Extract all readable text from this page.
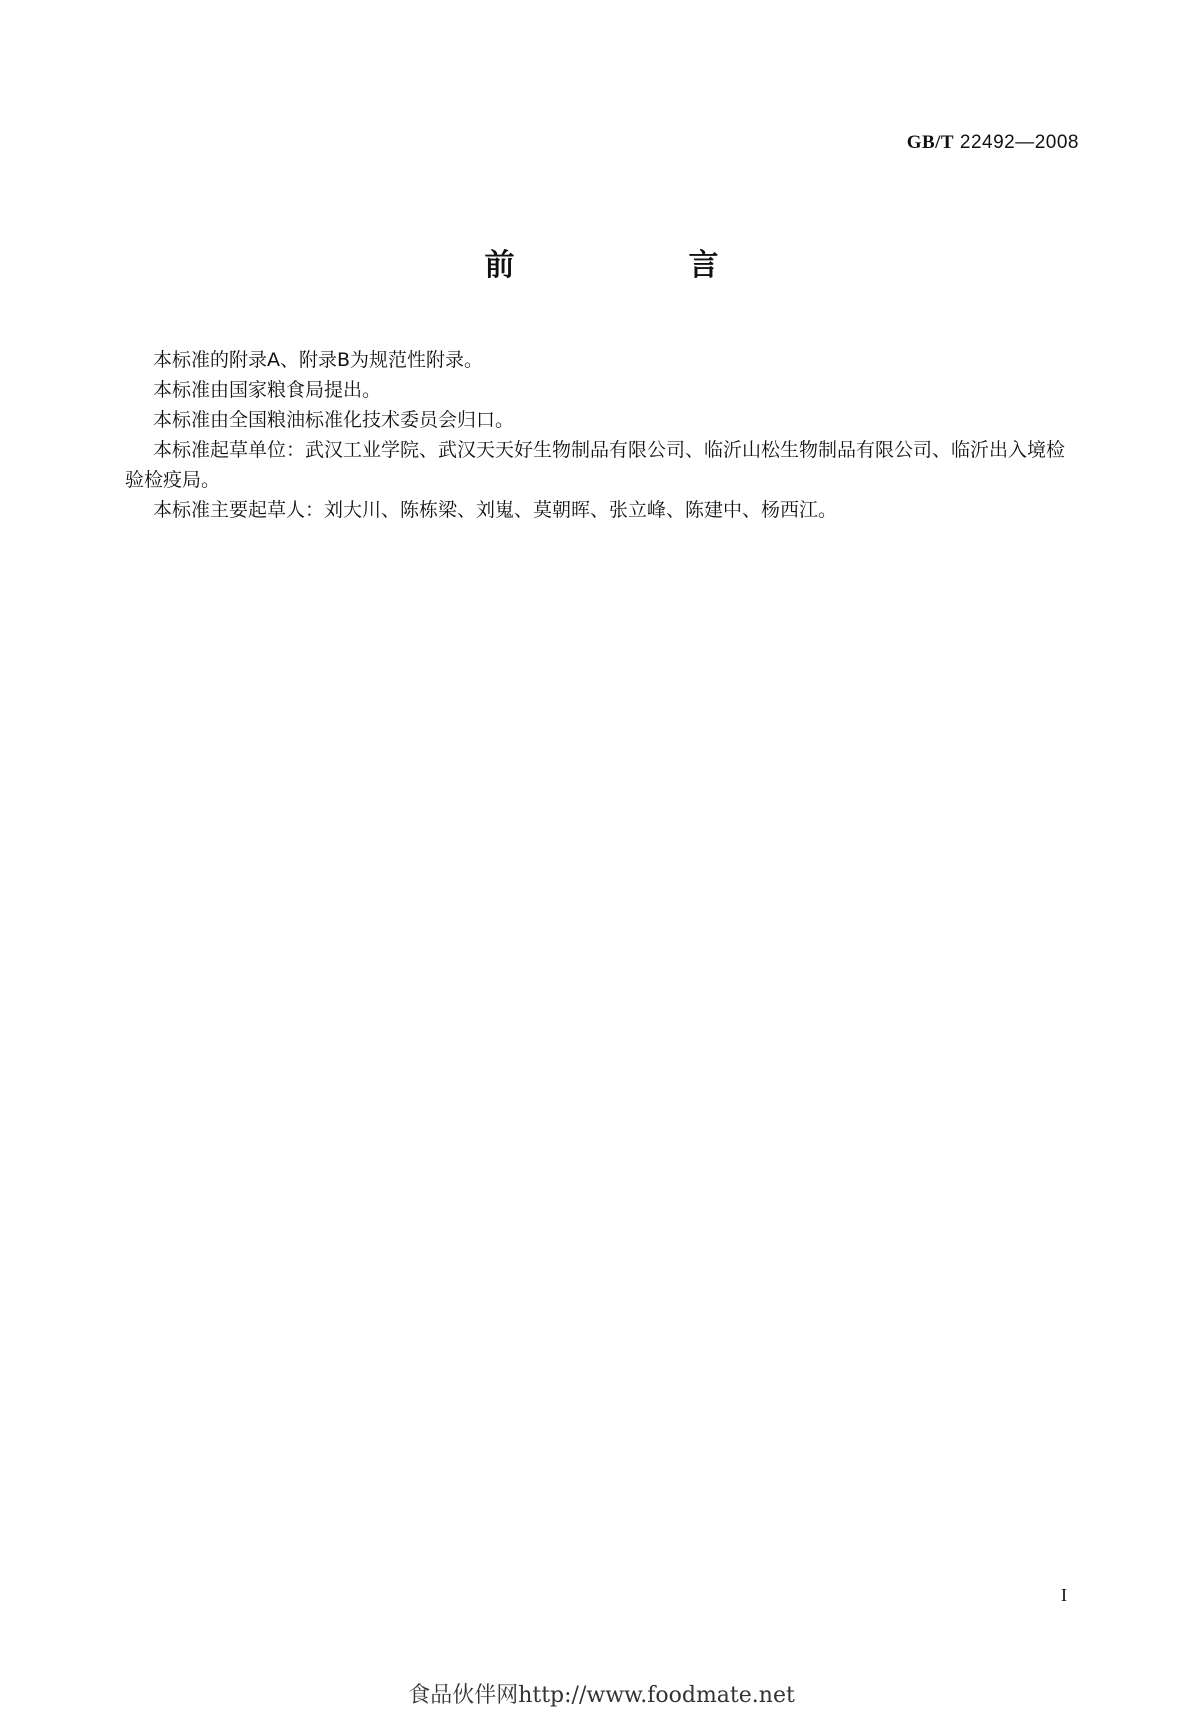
GB/T 22492—2008
前　言

本标准的附录A、附录B为规范性附录。

本标准由国家粮食局提出。

本标准由全国粮油标准化技术委员会归口。

本标准起草单位：武汉工业学院、武汉天天好生物制品有限公司、临沂山松生物制品有限公司、临沂出入境检验检疫局。

本标准主要起草人：刘大川、陈栋梁、刘嵬、莫朝晖、张立峰、陈建中、杨西江。

I
食品伙伴网http://www.foodmate.net
